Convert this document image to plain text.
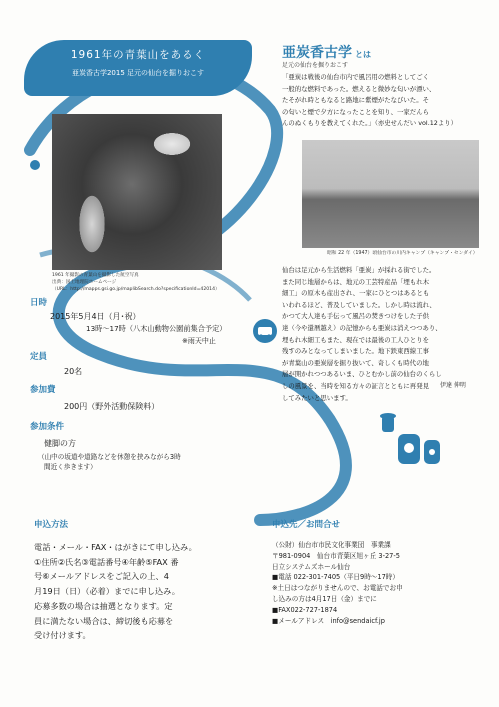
1961年の青葉山をあるく
亜炭香古学2015 足元の仙台を掘りおこす
1961 年撮影の青葉山を撮影した航空写真
出典：国土地理院ホームページ
（URL：http://mapps.gsi.go.jp/maplibSearch.do?specificationId=42014）
日時
2015年5月4日（月･祝）
13時～17時（八木山動物公園前集合予定）
※雨天中止
定員
20名
参加費
200円（野外活動保険料）
参加条件
健脚の方
（山中の坂道や道路などを休憩を挟みながら3時
間近く歩きます）
申込方法
電話・メール・FAX・はがきにて申し込み。
①住所②氏名③電話番号④年齢⑤FAX 番
号⑥メールアドレスをご記入の上、4
月19日（日）（必着）までに申し込み。
応募多数の場合は抽選となります。定
員に満たない場合は、締切後も応募を
受け付けます。
申込先／お問合せ
（公財）仙台市市民文化事業団　事業課
〒981-0904　仙台市青葉区旭ヶ丘 3-27-5
日立システムズホール仙台
■電話 022-301-7405（平日9時～17時）
※土日はつながりませんので、お電話でお申
し込みの方は4月17日（金）までに
■FAX022-727-1874
■メールアドレス　info@sendaicf.jp
亜炭香古学 とは
足元の仙台を掘りおこす
「亜炭は戦後の仙台市内で風呂用の燃料としてごく
一般的な燃料であった。燃えると微妙な匂いが漂い、
たそがれ時ともなると路地に紫煙がたなびいた。そ
の匂いと煙で夕方になったことを知り、一家だんら
んのぬくもりを教えてくれた。」（亦史せんだい vol.12より）
昭和 22 年（1947）頃仙台市の川内キャンプ（キャンプ・センダイ）
仙台は足元から生活燃料「亜炭」が採れる街でした。
また同じ地層からは、地元の工芸特産品「埋もれ木
細工」の原木も産出され、一家にひとつはあるとも
いわれるほど、普及していました。しかし時は流れ、
かつて大人達も手伝って風呂の焚きつけをした子供
達（今や還暦越え）の記憶からも亜炭は消えつつあり、
埋もれ木細工もまた、現在では最後の工人ひとりを
残すのみとなってしまいました。地下鉄東西線工事
が青葉山の亜炭層を掘り抜いて、奇しくも時代の地
層が開かれつつあるいま、ひとむかし前の仙台のくらし
しの風景を、当時を知る方々の証言とともに再発見
してみたいと思います。
伊達 伸明
